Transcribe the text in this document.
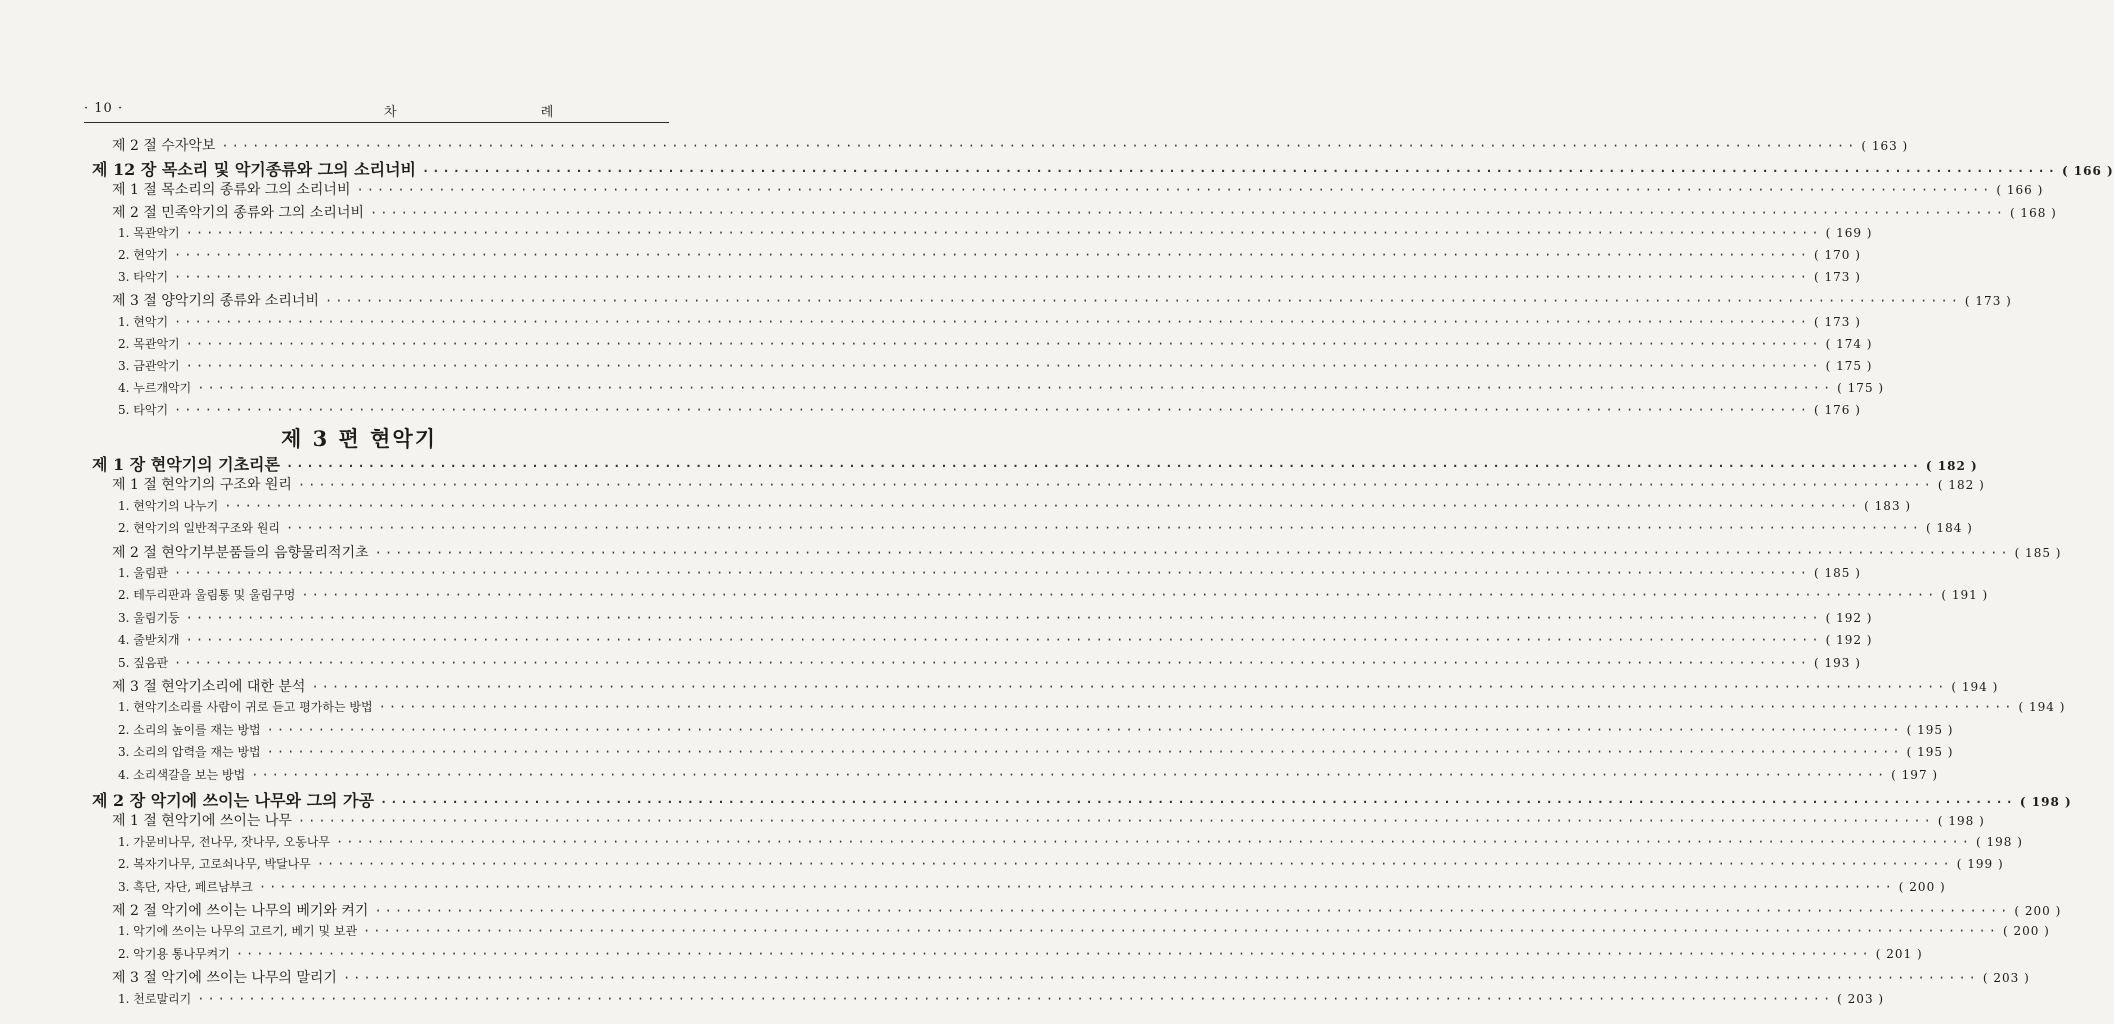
· 10 ·	차 례
제 2 절 수자악보 ································································································································································ ( 163 )
제 12 장 목소리 및 악기종류와 그의 소리너비 ································································································································································ ( 166 )
제 1 절 목소리의 종류와 그의 소리너비 ································································································································································ ( 166 )
제 2 절 민족악기의 종류와 그의 소리너비 ································································································································································ ( 168 )
1. 목관악기 ································································································································································ ( 169 )
2. 현악기 ································································································································································ ( 170 )
3. 타악기 ································································································································································ ( 173 )
제 3 절 양악기의 종류와 소리너비 ································································································································································ ( 173 )
1. 현악기 ································································································································································ ( 173 )
2. 목관악기 ································································································································································ ( 174 )
3. 금관악기 ································································································································································ ( 175 )
4. 누르개악기 ································································································································································ ( 175 )
5. 타악기 ································································································································································ ( 176 )
제 3 편 현악기
제 1 장 현악기의 기초리론 ································································································································································ ( 182 )
제 1 절 현악기의 구조와 원리 ································································································································································ ( 182 )
1. 현악기의 나누기 ································································································································································ ( 183 )
2. 현악기의 일반적구조와 원리 ································································································································································ ( 184 )
제 2 절 현악기부분품들의 음향물리적기초 ································································································································································ ( 185 )
1. 울림판 ································································································································································ ( 185 )
2. 테두리판과 울림통 및 울림구멍 ································································································································································ ( 191 )
3. 울림기둥 ································································································································································ ( 192 )
4. 줄받치개 ································································································································································ ( 192 )
5. 짚음판 ································································································································································ ( 193 )
제 3 절 현악기소리에 대한 분석 ································································································································································ ( 194 )
1. 현악기소리를 사람이 귀로 듣고 평가하는 방법 ································································································································································ ( 194 )
2. 소리의 높이를 재는 방법 ································································································································································ ( 195 )
3. 소리의 압력을 재는 방법 ································································································································································ ( 195 )
4. 소리색갈을 보는 방법 ································································································································································ ( 197 )
제 2 장 악기에 쓰이는 나무와 그의 가공 ································································································································································ ( 198 )
제 1 절 현악기에 쓰이는 나무 ································································································································································ ( 198 )
1. 가문비나무, 전나무, 잣나무, 오동나무 ································································································································································ ( 198 )
2. 복자기나무, 고로쇠나무, 박달나무 ································································································································································ ( 199 )
3. 흑단, 자단, 페르남부크 ································································································································································ ( 200 )
제 2 절 악기에 쓰이는 나무의 베기와 켜기 ································································································································································ ( 200 )
1. 악기에 쓰이는 나무의 고르기, 베기 및 보관 ································································································································································ ( 200 )
2. 악기용 통나무켜기 ································································································································································ ( 201 )
제 3 절 악기에 쓰이는 나무의 말리기 ································································································································································ ( 203 )
1. 천로말리기 ································································································································································ ( 203 )
